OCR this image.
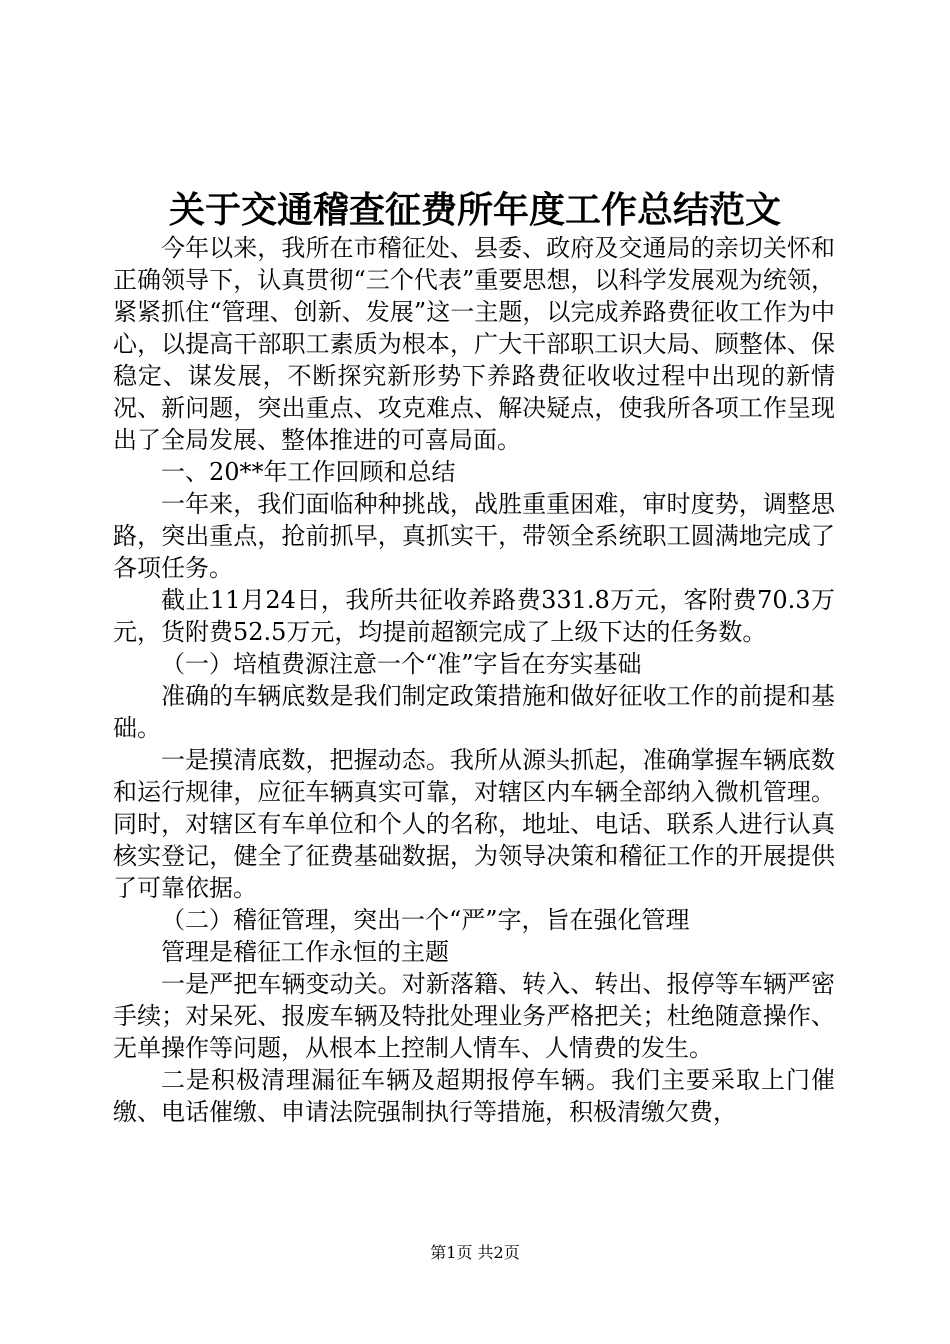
关于交通稽查征费所年度工作总结范文

今年以来，我所在市稽征处、县委、政府及交通局的亲切关怀和正确领导下，认真贯彻“三个代表”重要思想，以科学发展观为统领，紧紧抓住“管理、创新、发展”这一主题，以完成养路费征收工作为中心，以提高干部职工素质为根本，广大干部职工识大局、顾整体、保稳定、谋发展，不断探究新形势下养路费征收收过程中出现的新情况、新问题，突出重点、攻克难点、解决疑点，使我所各项工作呈现出了全局发展、整体推进的可喜局面。

一、20**年工作回顾和总结

一年来，我们面临种种挑战，战胜重重困难，审时度势，调整思路，突出重点，抢前抓早，真抓实干，带领全系统职工圆满地完成了各项任务。

截止11月24日，我所共征收养路费331.8万元，客附费70.3万元，货附费52.5万元，均提前超额完成了上级下达的任务数。

（一）培植费源注意一个“准”字旨在夯实基础

准确的车辆底数是我们制定政策措施和做好征收工作的前提和基础。

一是摸清底数，把握动态。我所从源头抓起，准确掌握车辆底数和运行规律，应征车辆真实可靠，对辖区内车辆全部纳入微机管理。同时，对辖区有车单位和个人的名称，地址、电话、联系人进行认真核实登记，健全了征费基础数据，为领导决策和稽征工作的开展提供了可靠依据。

（二）稽征管理，突出一个“严”字，旨在强化管理

管理是稽征工作永恒的主题

一是严把车辆变动关。对新落籍、转入、转出、报停等车辆严密手续；对呆死、报废车辆及特批处理业务严格把关；杜绝随意操作、无单操作等问题，从根本上控制人情车、人情费的发生。

二是积极清理漏征车辆及超期报停车辆。我们主要采取上门催缴、电话催缴、申请法院强制执行等措施，积极清缴欠费，

第1页 共2页
